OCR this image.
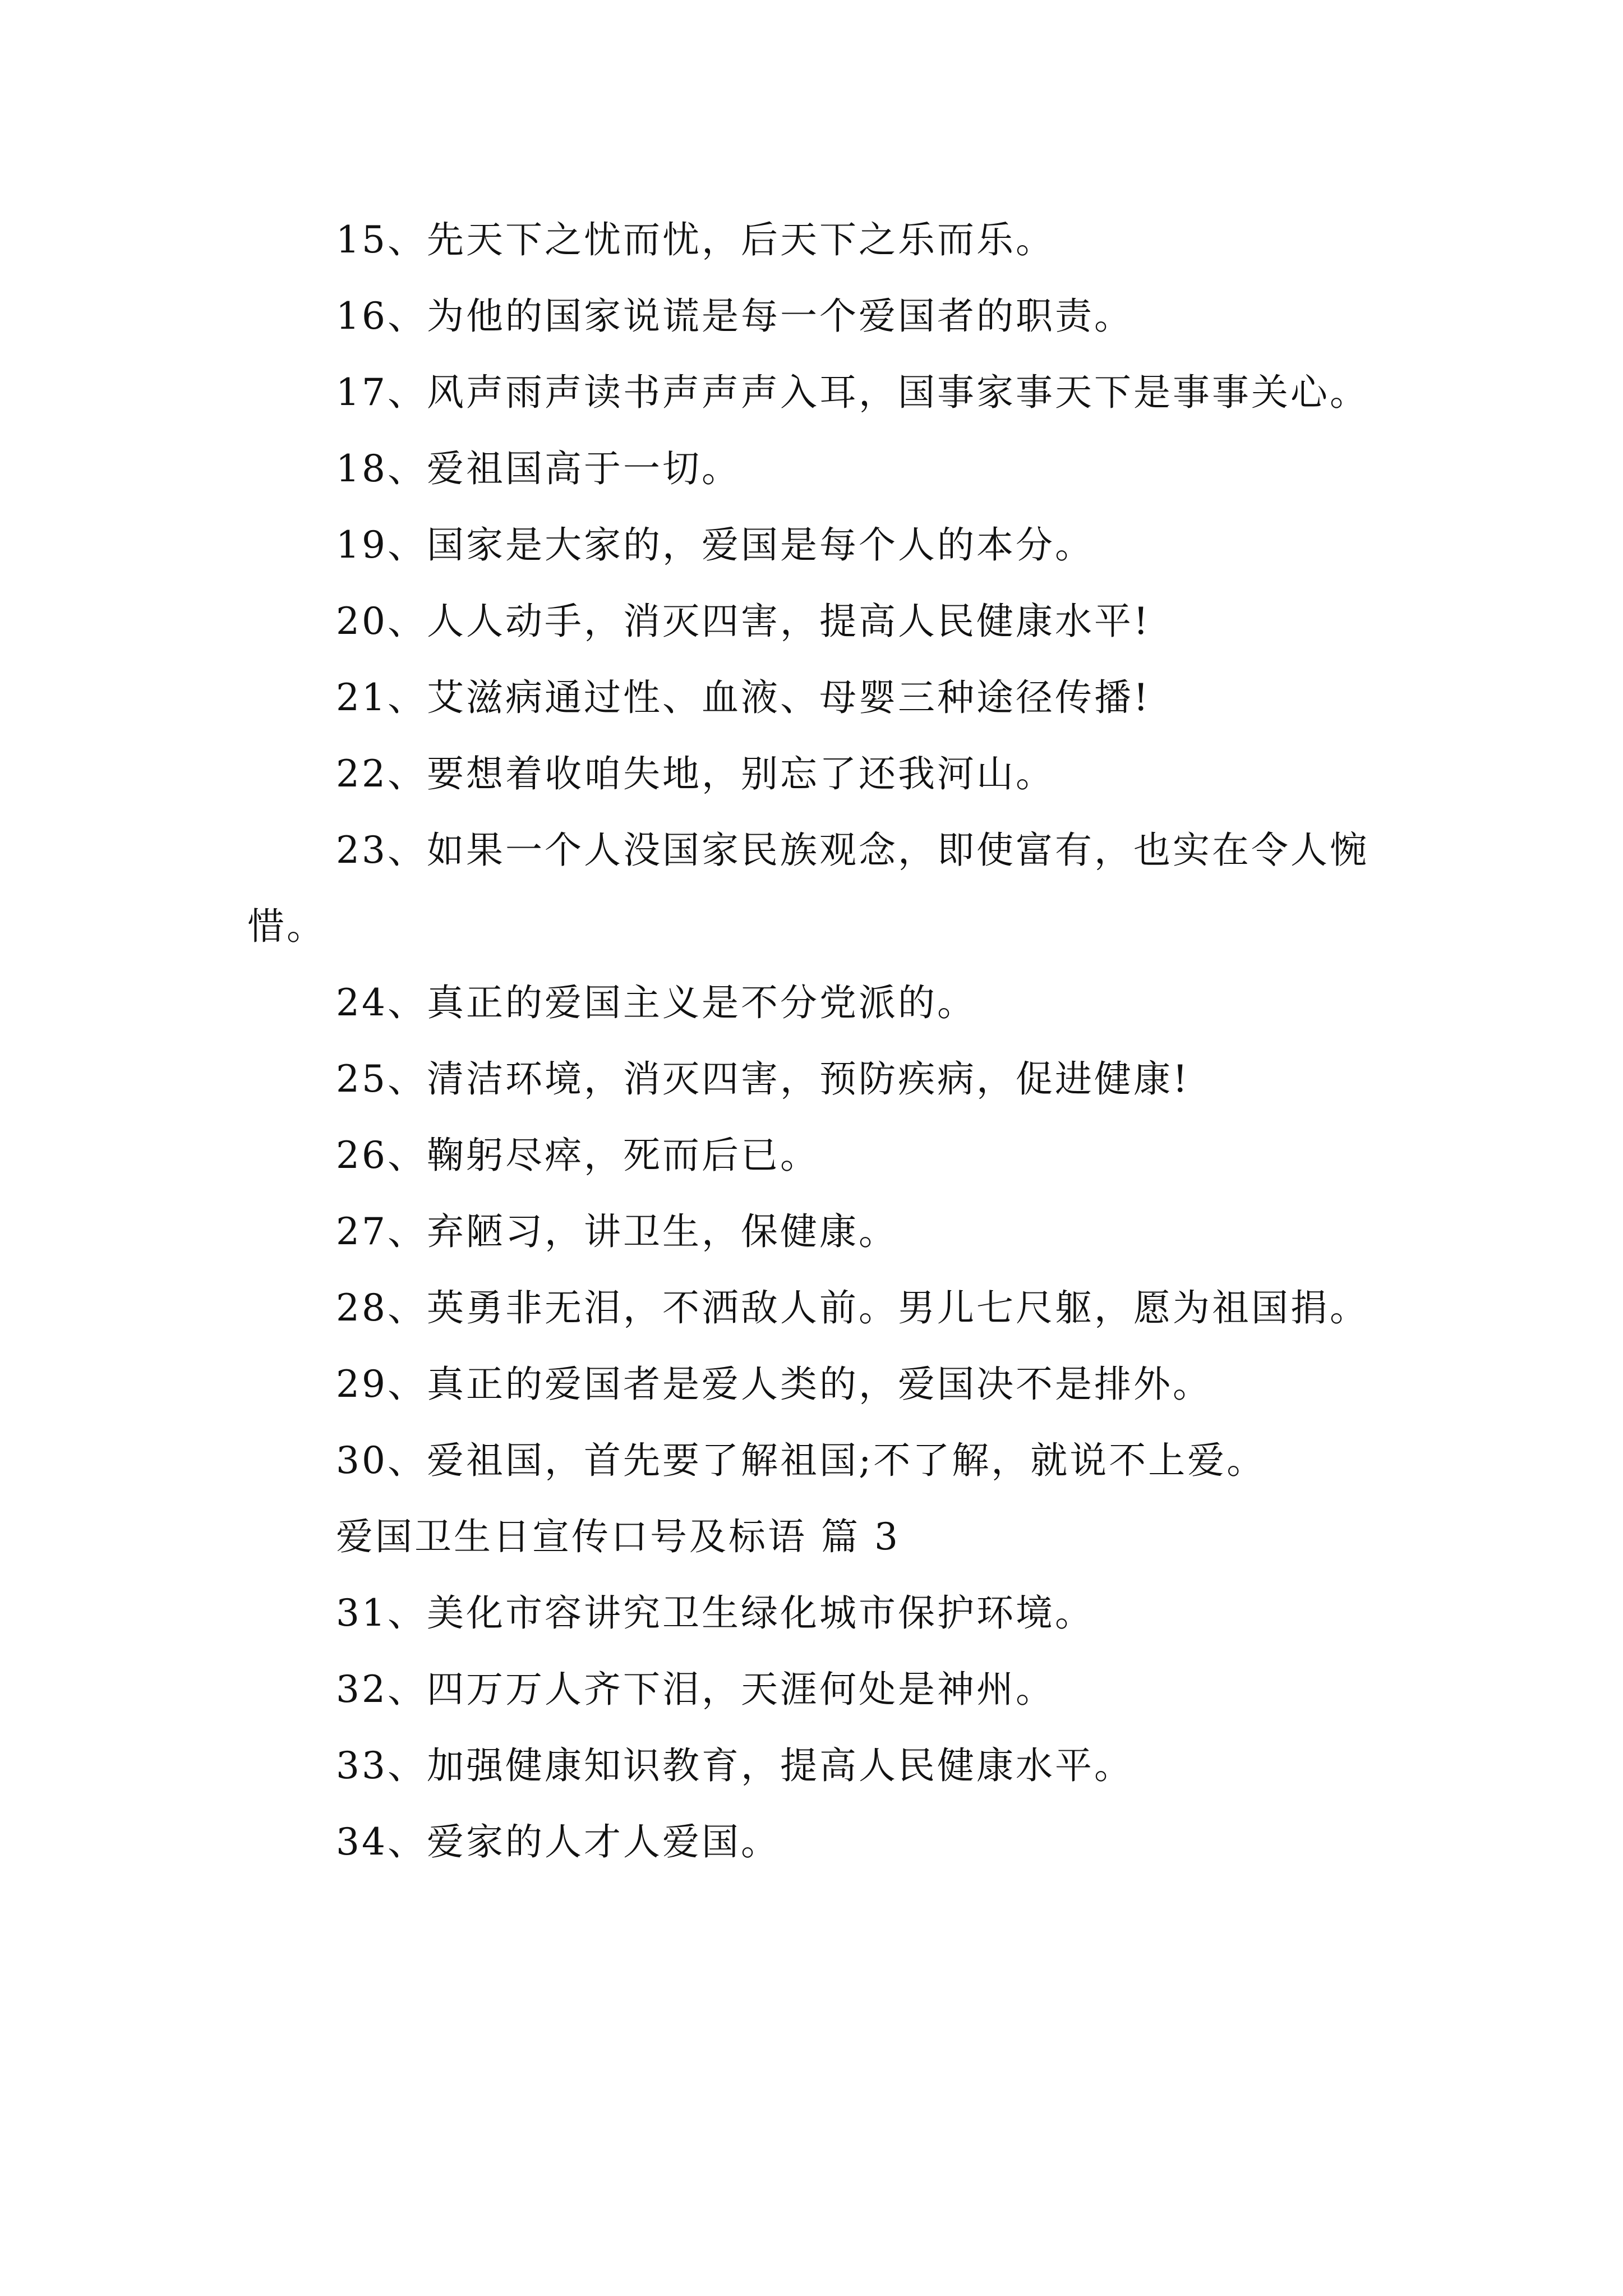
15、先天下之忧而忧，后天下之乐而乐。

16、为他的国家说谎是每一个爱国者的职责。

17、风声雨声读书声声声入耳，国事家事天下是事事关心。

18、爱祖国高于一切。

19、国家是大家的，爱国是每个人的本分。

20、人人动手，消灭四害，提高人民健康水平!

21、艾滋病通过性、血液、母婴三种途径传播!

22、要想着收咱失地，别忘了还我河山。

23、如果一个人没国家民族观念，即使富有，也实在令人惋惜。

24、真正的爱国主义是不分党派的。

25、清洁环境，消灭四害，预防疾病，促进健康!

26、鞠躬尽瘁，死而后已。

27、弃陋习，讲卫生，保健康。

28、英勇非无泪，不洒敌人前。男儿七尺躯，愿为祖国捐。

29、真正的爱国者是爱人类的，爱国决不是排外。

30、爱祖国，首先要了解祖国;不了解，就说不上爱。

爱国卫生日宣传口号及标语 篇 3

31、美化市容讲究卫生绿化城市保护环境。

32、四万万人齐下泪，天涯何处是神州。

33、加强健康知识教育，提高人民健康水平。

34、爱家的人才人爱国。
